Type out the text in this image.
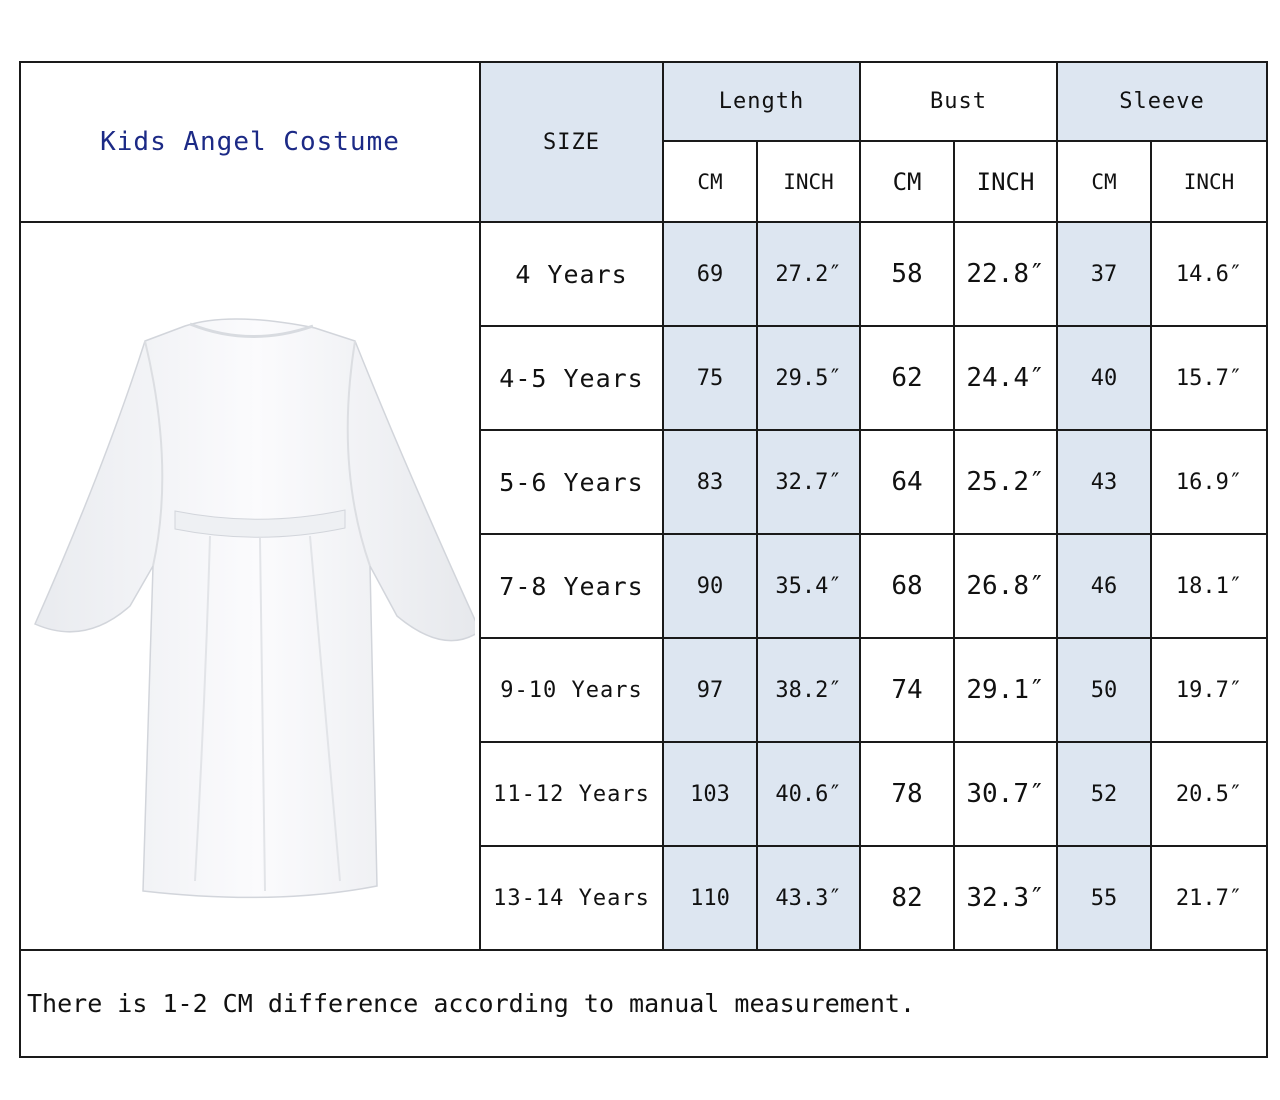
Kids Angel Costume	SIZE	Length		Bust		Sleeve	
		CM	INCH	CM	INCH	CM	INCH

	4 Years	69	27.2″	58	22.8″	37	14.6″
	4-5 Years	75	29.5″	62	24.4″	40	15.7″
	5-6 Years	83	32.7″	64	25.2″	43	16.9″
	7-8 Years	90	35.4″	68	26.8″	46	18.1″
	9-10 Years	97	38.2″	74	29.1″	50	19.7″
	11-12 Years	103	40.6″	78	30.7″	52	20.5″
	13-14 Years	110	43.3″	82	32.3″	55	21.7″
There is 1-2 CM difference according to manual measurement.							
